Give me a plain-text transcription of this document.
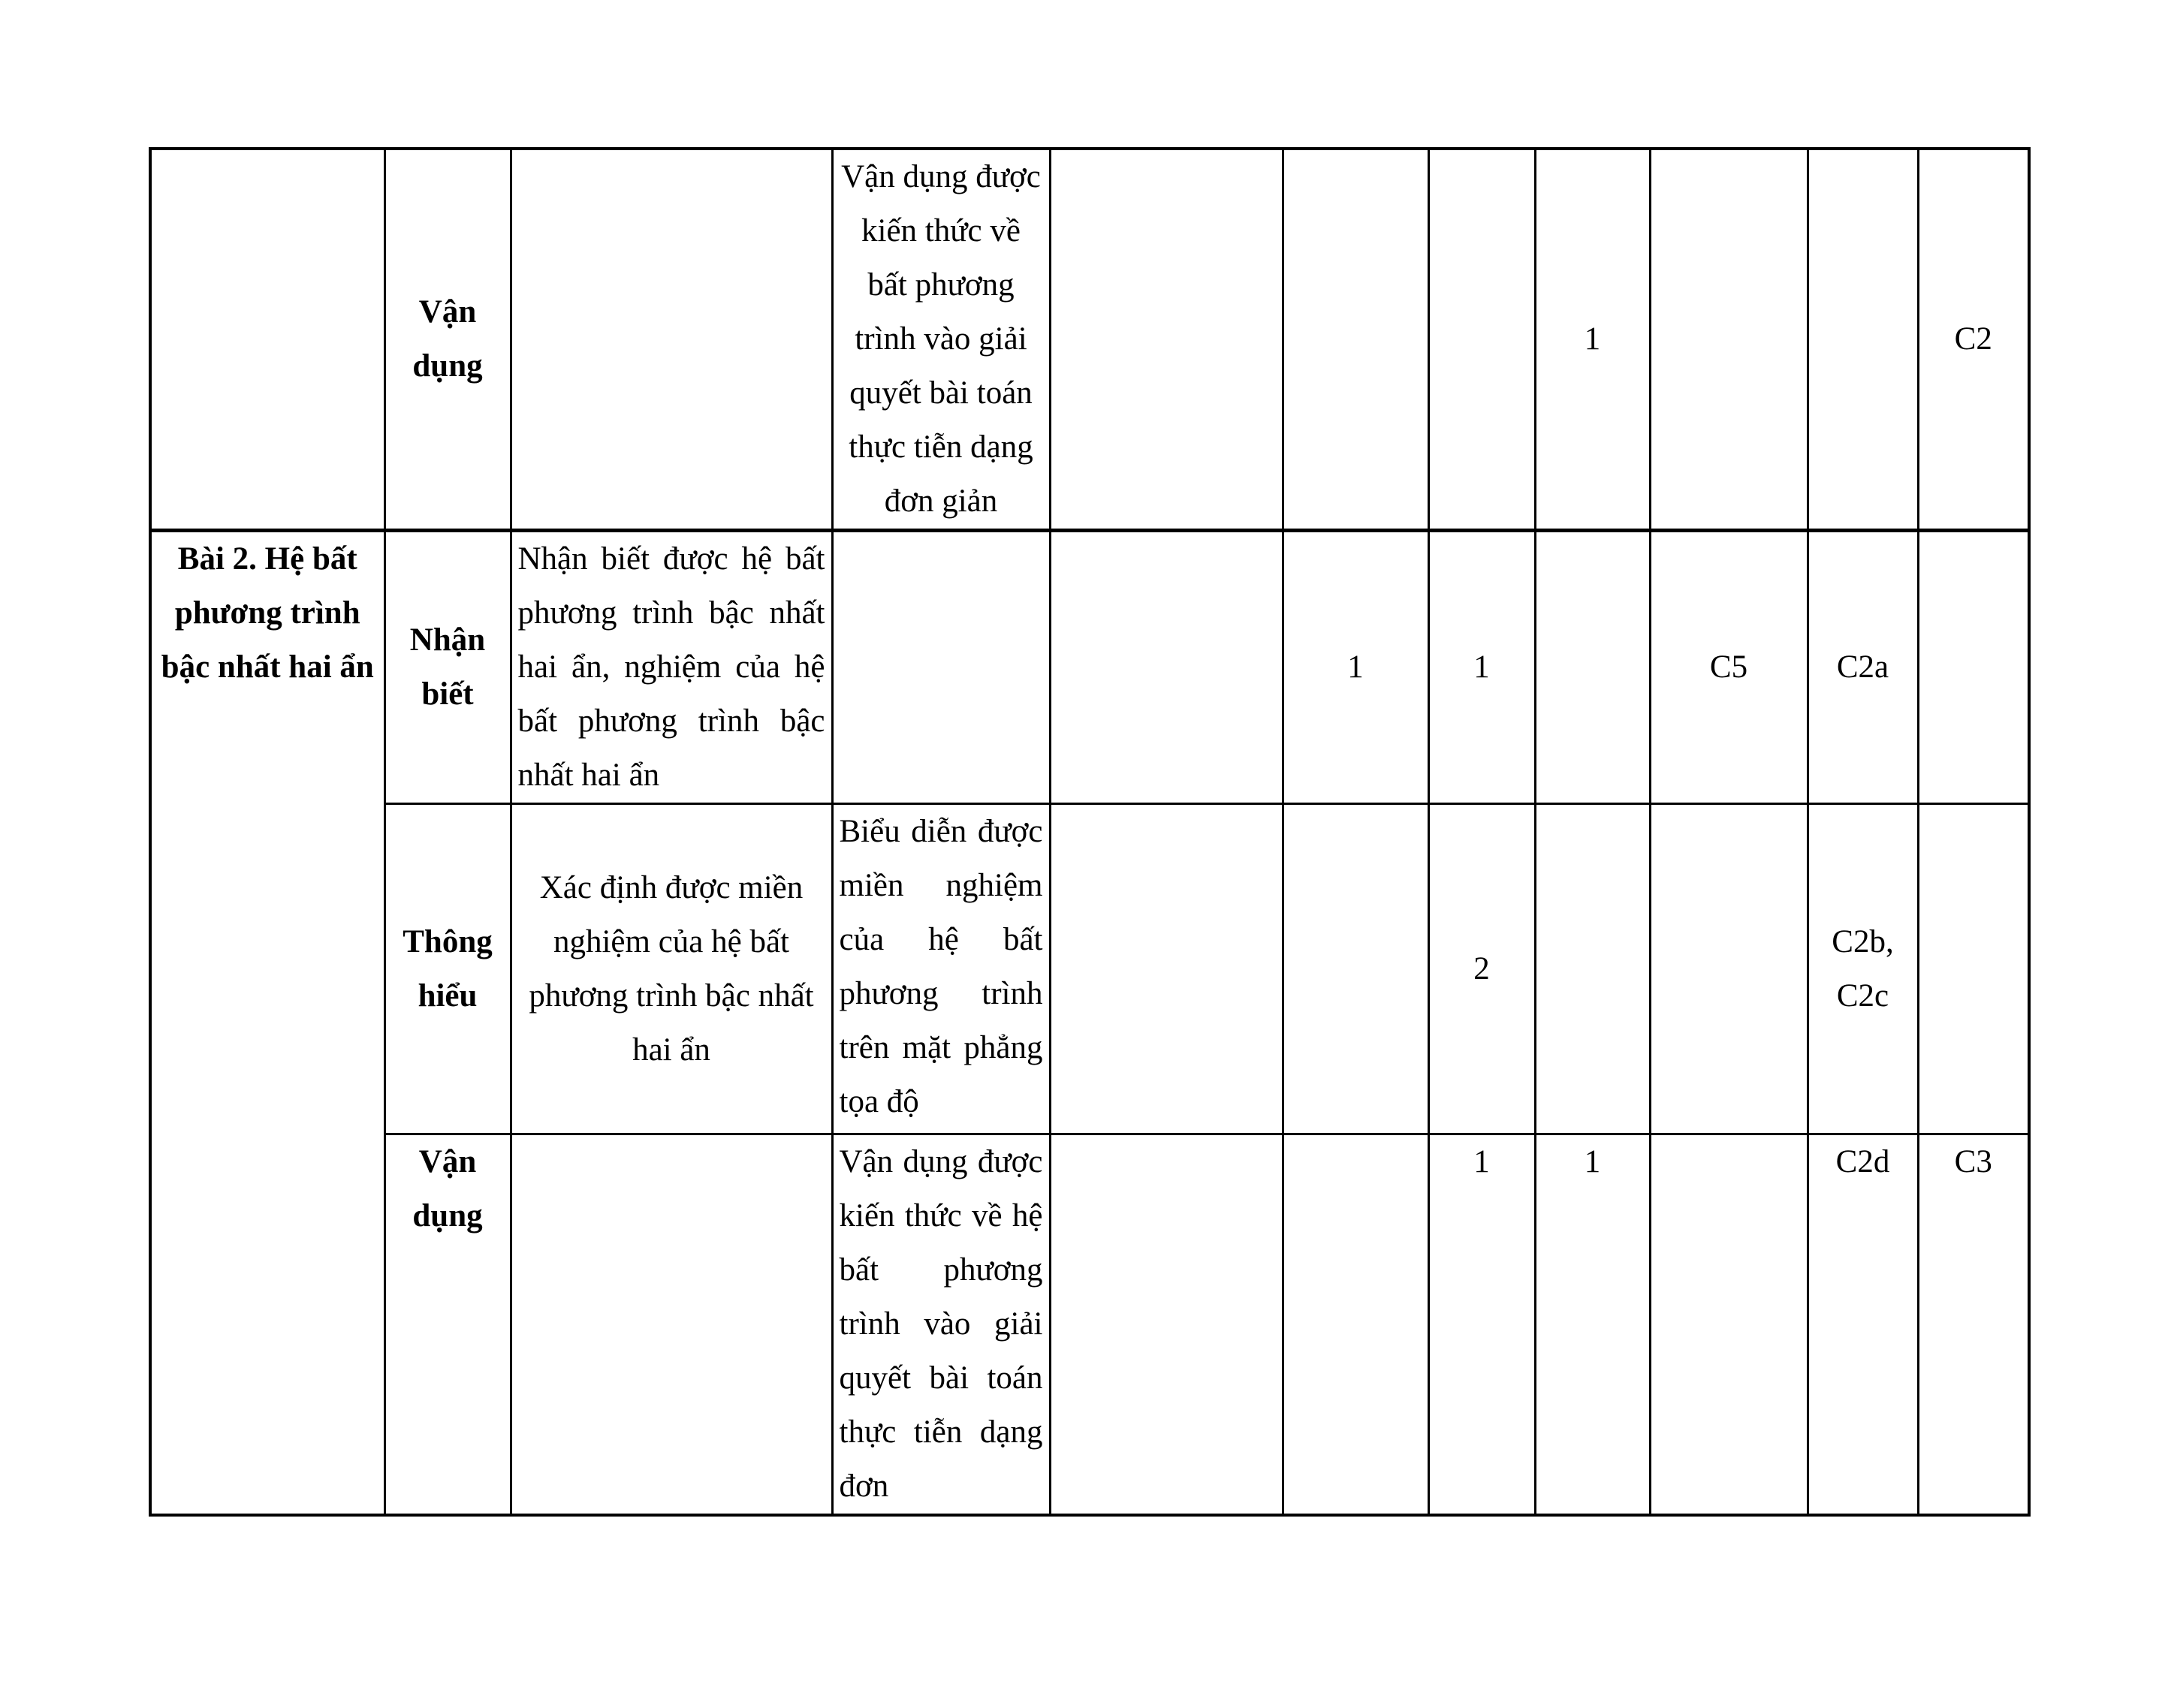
	Vận dụng		Vận dụng được kiến thức về bất phương trình vào giải quyết bài toán thực tiễn dạng đơn giản				1			C2
Bài 2. Hệ bất phương trình bậc nhất hai ẩn	Nhận biết	Nhận biết được hệ bất phương trình bậc nhất hai ẩn, nghiệm của hệ bất phương trình bậc nhất hai ẩn			1	1		C5	C2a	
	Thông hiểu	Xác định được miền nghiệm của hệ bất phương trình bậc nhất hai ẩn	Biểu diễn được miền nghiệm của hệ bất phương trình trên mặt phẳng tọa độ			2			C2b, C2c	
	Vận dụng		Vận dụng được kiến thức về hệ bất phương trình vào giải quyết bài toán thực tiễn dạng đơn			1	1		C2d	C3
